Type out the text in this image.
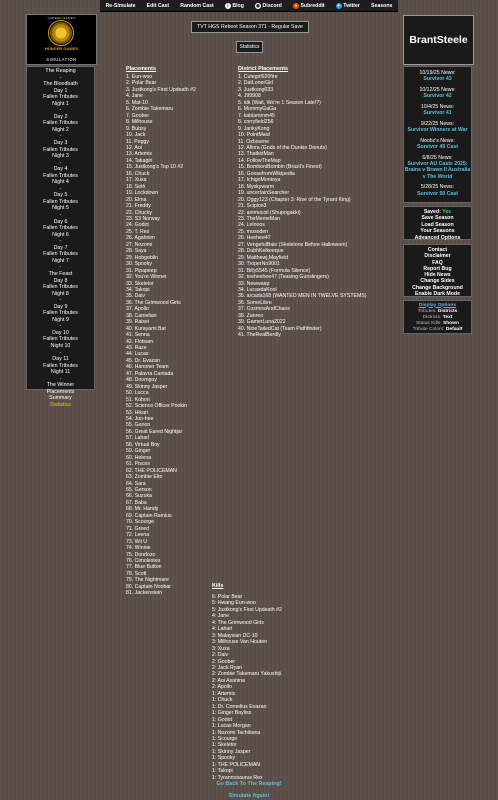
Re-Simulate Edit Cast Random Cast	i Blog	◉ Discord	● Subreddit	✦ Twitter Seasons
CAREER GAMES
HUNGER GAMES
SIMULATION
The Reaping
-
The Bloodbath
Day 1
Fallen Tributes
Night 1
-
Day 2
Fallen Tributes
Night 2
-
Day 3
Fallen Tributes
Night 3
-
Day 4
Fallen Tributes
Night 4
-
Day 5
Fallen Tributes
Night 5
-
Day 6
Fallen Tributes
Night 6
-
Day 7
Fallen Tributes
Night 7
-
The Feast
Day 8
Fallen Tributes
Night 8
-
Day 9
Fallen Tributes
Night 9
-
Day 10
Fallen Tributes
Night 10
-
Day 11
Fallen Tributes
Night 11
-
The Winner
Placements
Summary
Statistics
TVT HGS Reboot Season 371 - Regular Save
Statistics
Placements
1. Eun-woo
2. Polar Bear
3. Justkong's First Updeath #2
4. Jane
5. Mat-10
6. Zombie Takemaru
7. Goober
8. Milhouse
9. Bubsy
10. Jack
11. Peggy
12. Aoi
13. Artemis
14. Takagiri
15. Justkong's Top 10 #2
16. Chuck
17. Xuxa
18. Seth
19. Lockdown
20. Elma
21. Freddy
22. Chucky
23. S3 Norway
24. Godot
25. T. Rex
26. Agahnim
27. Nozomi
28. Saya
29. Hobgoblin
30. Spooky
31. Pipapeep
32. You're Winner
33. Skeletor
34. Takopi
35. Daiv
36. The Grimwood Girls
37. Apollo
38. Camelian
39. Ralsei
40. Kurayami Bat
41. Senna
42. Flotsam
43. Raze
44. Lucas
45. Dr. Evazan
46. Hammer Team
47. Palavra Cantada
48. Doomguy
49. Skinny Jasper
50. Lucca
51. Kobori
52. Science Officer Pookin
53. Hikari
54. Jun-hee
55. Ganon
56. Great Eared Nightjar
57. Laharl
58. Virtual Boy
59. Ginger
60. Helena
61. Pisces
62. THE POLICEMAN
63. Zombie Elto
64. Sara
65. Gerson
66. Suzuka
67. Baba
68. Mr. Handy
69. Captain Ramius
70. Scourge
71. Greed
72. Leena
73. Wii U
74. Winnie
75. Dondozo
76. Cimolestes
77. Blue Button
78. Scott
79. The Nightmare
80. Captain Noobar
81. Jackenstein
District Placements
1. Cutegirl920fire
2. DatLonerGirl
3. Justkong033
4. J99908
5. idk (Wait, We're 1 Season Late!?)
6. MommyGaGa
7. kablammm45
8. corryfield256
9. JankyKong
10. PointMaid
11. Ozbourne
12. Allora (Gods of the Dunkin Donuts)
13. ThatkidMan
14. FollowTheMap
15. BomboniBombin (Brazil's Finest)
16. GoosefromWikipedia
17. IchigoMontoya
18. Myskywarm
19. uncertainSearcher
20. Oggy123 (Chapter 3: Rise of the Tyrant King)
21. Scipion3
22. animucoil (Shupogakki)
23. TheMemeMan
24. Lelooos
25. moxeden
26. Heehee47
27. VengefulBale (Skeletons Before Halloween)
28. DubhKelkeeque
29. Matthewj,Mayfield
30. TroperNo9001
31. Billy5545 (Formula Silence)
32. teeheehee47 (Teasing Gunslingers)
33. Newwaep
34. LucasdaKool
35. arcada168 (WANTED MEN IN TWELVE SYSTEMS)
36. SomeLibre
37. CosmosAndChaos
38. Zanreo
39. GamerLuna2022
40. NineTailedCat (Team Pathfinder)
41. TheRealBerdly
Kills
6: Polar Bear
5: Hwang Eun-woo
5: Justkong's First Updeath #2
4: Jane
4: The Grimwood Girls
4: Laharl
3: Malaysian DC-10
3: Milhouse Van Houten
3: Xuxa
2: Daiv
2: Goober
2: Jack Ryan
2: Zombie Takemaru Yakushiji
2: Aoi Asahina
2: Apollo
1: Artemis
1: Chuck
1: Dr. Cornelius Evazan
1: Ginger Bayliss
1: Godot
1: Lucas Morgan
1: Nozomi Tachibana
1: Scourge
1: Skeletor
1: Skinny Jasper
1: Spooky
1: THE POLICEMAN
1: Takopi
1: Tyrannosaurus Rex
Go Back To The Reaping!
Simulate Again!
BrantSteele
10/19/25 News:
Survivor 43
10/12/25 News:
Survivor 42
10/4/25 News:
Survivor 41
9/22/25 News:
Survivor Winners at War
Noobz's News:
Survivor 49 Cast
6/8/25 News:
Survivor AU Casts 2025: Brains v Brawn II Australia v The World
5/28/25 News:
Survivor 50 Cast
Saved: Yes
Save Season
Load Season
Your Seasons
Advanced Options
Contact
Disclaimer
FAQ
Report Bug
Hide News
Change Sides
Change Background
Enable Dark Mode
Display Options
Tributes: Districts
Districts: Text
Status Kills: Shown
Tribute Colors: Default
